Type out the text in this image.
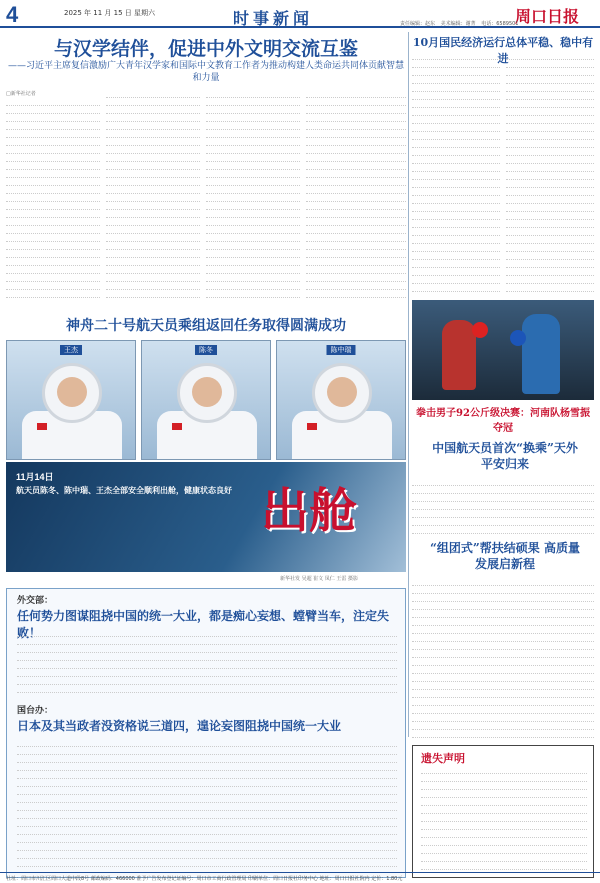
4	2025 年 11 月 15 日 星期六	时事新闻	周口日报
责任编辑：赵东 美术编辑：谢菁 电话：6589501
与汉学结伴，促进中外文明交流互鉴
——习近平主席复信激励广大青年汉学家和国际中文教育工作者为推动构建人类命运共同体贡献智慧和力量
□新华社记者
神舟二十号航天员乘组返回任务取得圆满成功
王杰	陈冬	陈中瑞
11月14日
航天员陈冬、陈中瑞、王杰全部安全顺利出舱，健康状态良好 出舱
新华社发 吴超 崔文 凤仁 王雷 摄影
10月国民经济运行总体平稳、稳中有进
拳击男子92公斤级决赛：河南队杨雪振夺冠
中国航天员首次“换乘”天外平安归来
“组团式”帮扶结硕果 高质量发展启新程
外交部：
任何势力图谋阻挠中国的统一大业，都是痴心妄想、螳臂当车，注定失败！
国台办：
日本及其当政者没资格说三道四，遑论妄图阻挠中国统一大业
遗失声明
社址：周口市川汇区周口大道中段8号 邮政编码：466000 准予广告发布登记证编号：周口市工商行政管理局 印刷单位：周口日报社印务中心 地址：周口日报社院内 定价：1.80元
